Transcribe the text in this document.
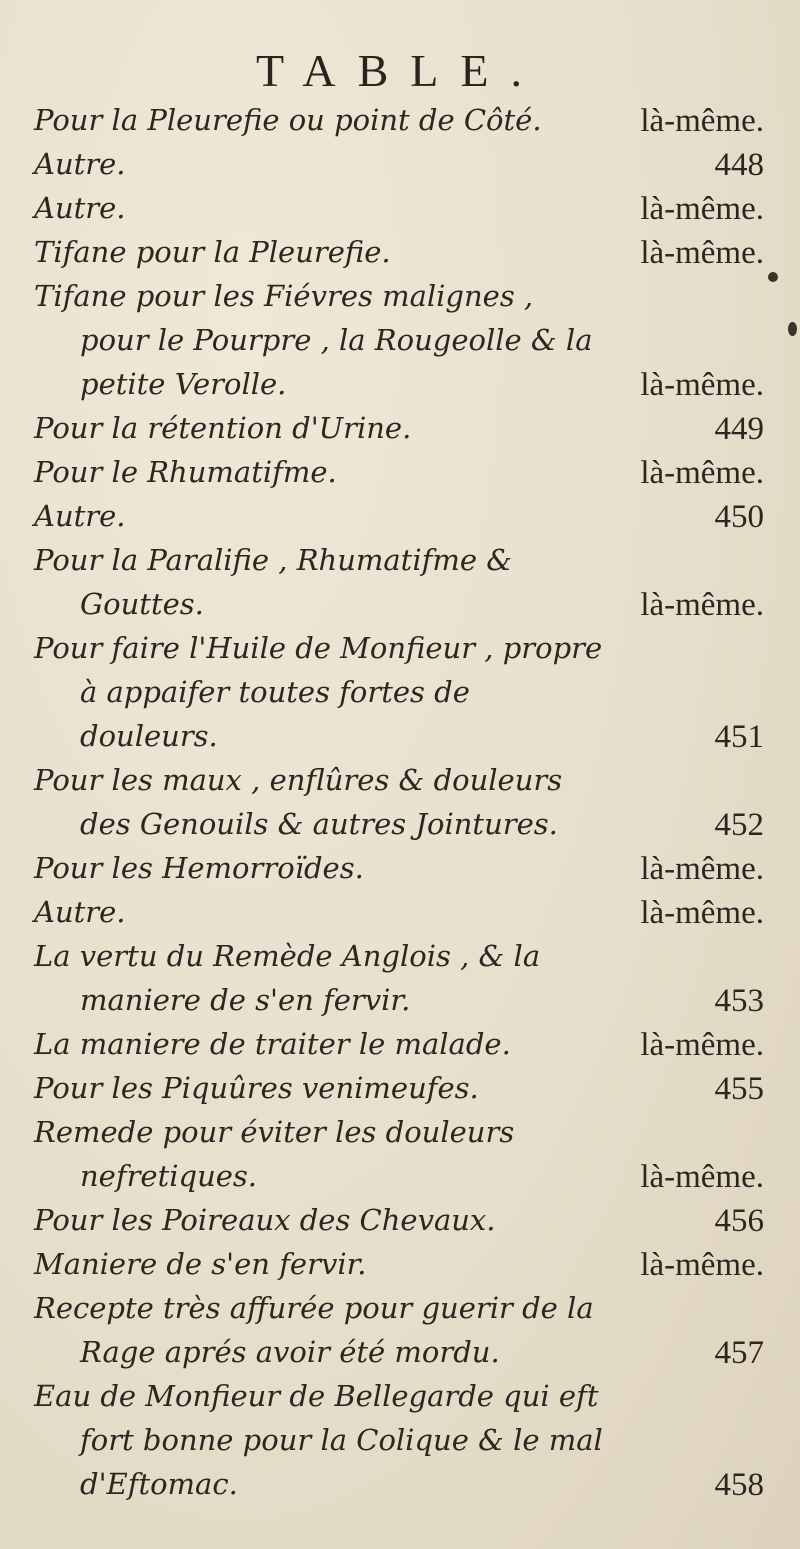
TABLE.
Pour la Pleurefie ou point de Côté.	là-même.
Autre.	448
Autre.	là-même.
Tifane pour la Pleurefie.	là-même.
Tifane pour les Fiévres malignes , pour le Pourpre , la Rougeolle & la petite Verolle.	là-même.
Pour la rétention d'Urine.	449
Pour le Rhumatifme.	là-même.
Autre.	450
Pour la Paralifie , Rhumatifme & Gouttes.	là-même.
Pour faire l'Huile de Monfieur , propre à appaifer toutes fortes de douleurs.	451
Pour les maux , enflûres & douleurs des Genouils & autres Jointures.	452
Pour les Hemorroïdes.	là-même.
Autre.	là-même.
La vertu du Remède Anglois , & la maniere de s'en fervir.	453
La maniere de traiter le malade.	là-même.
Pour les Piquûres venimeufes.	455
Remede pour éviter les douleurs nefretiques.	là-même.
Pour les Poireaux des Chevaux.	456
Maniere de s'en fervir.	là-même.
Recepte très affurée pour guerir de la Rage aprés avoir été mordu.	457
Eau de Monfieur de Bellegarde qui eft fort bonne pour la Colique & le mal d'Eftomac.	458
